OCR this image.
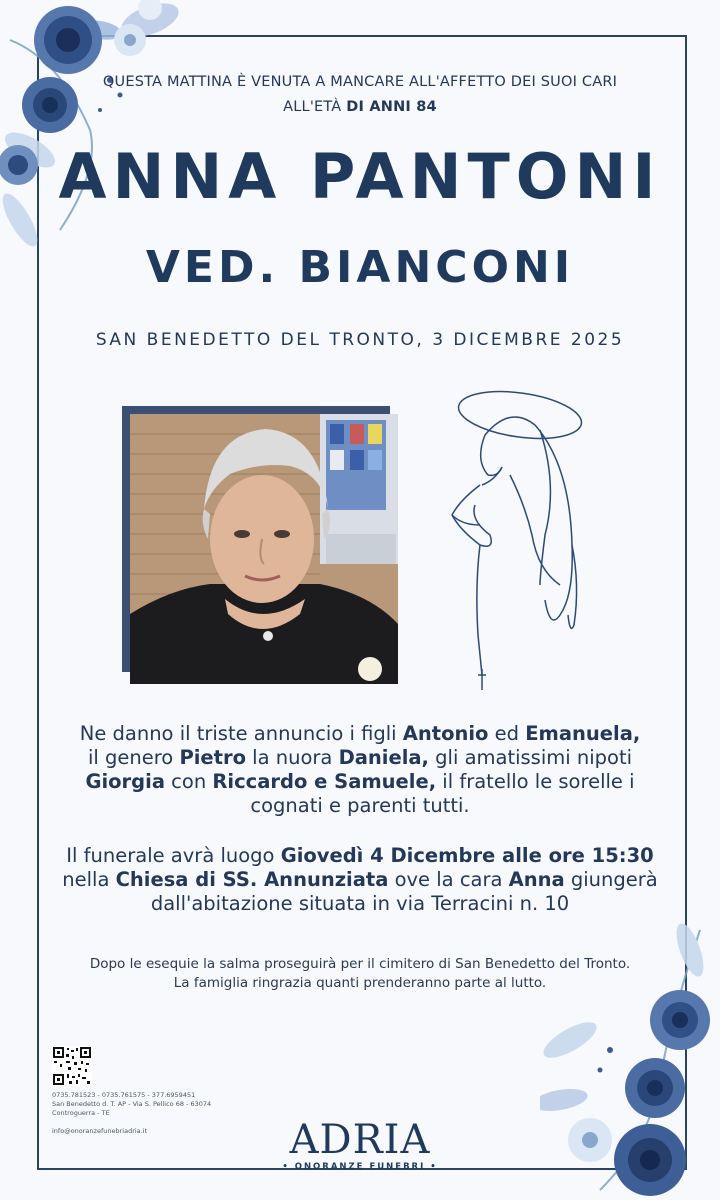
QUESTA MATTINA È VENUTA A MANCARE ALL'AFFETTO DEI SUOI CARI
ALL'ETÀ DI ANNI 84
ANNA PANTONI
VED. BIANCONI
SAN BENEDETTO DEL TRONTO, 3 DICEMBRE 2025
Ne danno il triste annuncio i figli Antonio ed Emanuela,
il genero Pietro la nuora Daniela, gli amatissimi nipoti
Giorgia con Riccardo e Samuele, il fratello le sorelle i
cognati e parenti tutti.
Il funerale avrà luogo Giovedì 4 Dicembre alle ore 15:30
nella Chiesa di SS. Annunziata ove la cara Anna giungerà
dall'abitazione situata in via Terracini n. 10
Dopo le esequie la salma proseguirà per il cimitero di San Benedetto del Tronto.
La famiglia ringrazia quanti prenderanno parte al lutto.
0735.781523 - 0735.761575 - 377.6959451
San Benedetto d. T. AP - Via S. Pellico 68 - 63074
Controguerra - TE
info@onoranzefunebriadria.it	ADRIA
• ONORANZE FUNEBRI •
